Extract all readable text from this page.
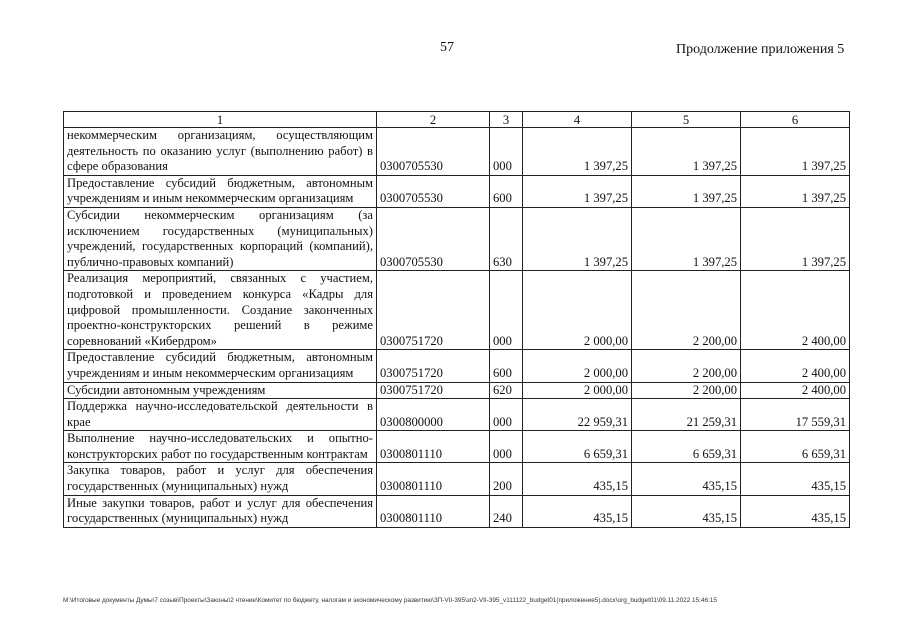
57	Продолжение приложения 5
1	2	3	4	5	6
некоммерческим организациям, осуществляющим деятельность по оказанию услуг (выполнению работ) в сфере образования	0300705530	000	1 397,25	1 397,25	1 397,25
Предоставление субсидий бюджетным, автономным учреждениям и иным некоммерческим организациям	0300705530	600	1 397,25	1 397,25	1 397,25
Субсидии некоммерческим организациям (за исключением государственных (муниципальных) учреждений, государственных корпораций (компаний), публично-правовых компаний)	0300705530	630	1 397,25	1 397,25	1 397,25
Реализация мероприятий, связанных с участием, подготовкой и проведением конкурса «Кадры для цифровой промышленности. Создание законченных проектно-конструкторских решений в режиме соревнований «Кибердром»	0300751720	000	2 000,00	2 200,00	2 400,00
Предоставление субсидий бюджетным, автономным учреждениям и иным некоммерческим организациям	0300751720	600	2 000,00	2 200,00	2 400,00
Субсидии автономным учреждениям	0300751720	620	2 000,00	2 200,00	2 400,00
Поддержка научно-исследовательской деятельности в крае	0300800000	000	22 959,31	21 259,31	17 559,31
Выполнение научно-исследовательских и опытно-конструкторских работ по государственным контрактам	0300801110	000	6 659,31	6 659,31	6 659,31
Закупка товаров, работ и услуг для обеспечения государственных (муниципальных) нужд	0300801110	200	435,15	435,15	435,15
Иные закупки товаров, работ и услуг для обеспечения государственных (муниципальных) нужд	0300801110	240	435,15	435,15	435,15
М:\Итоговые документы Думы\7 созыв\Проекты\Законы\2 чтение\Комитет по бюджету, налогам и экономическому развитию\ЗП-VII-395\зп2-VII-395_v111122_budget01(приложение5).docx\org_budget01\09.11.2022 15:46:15
